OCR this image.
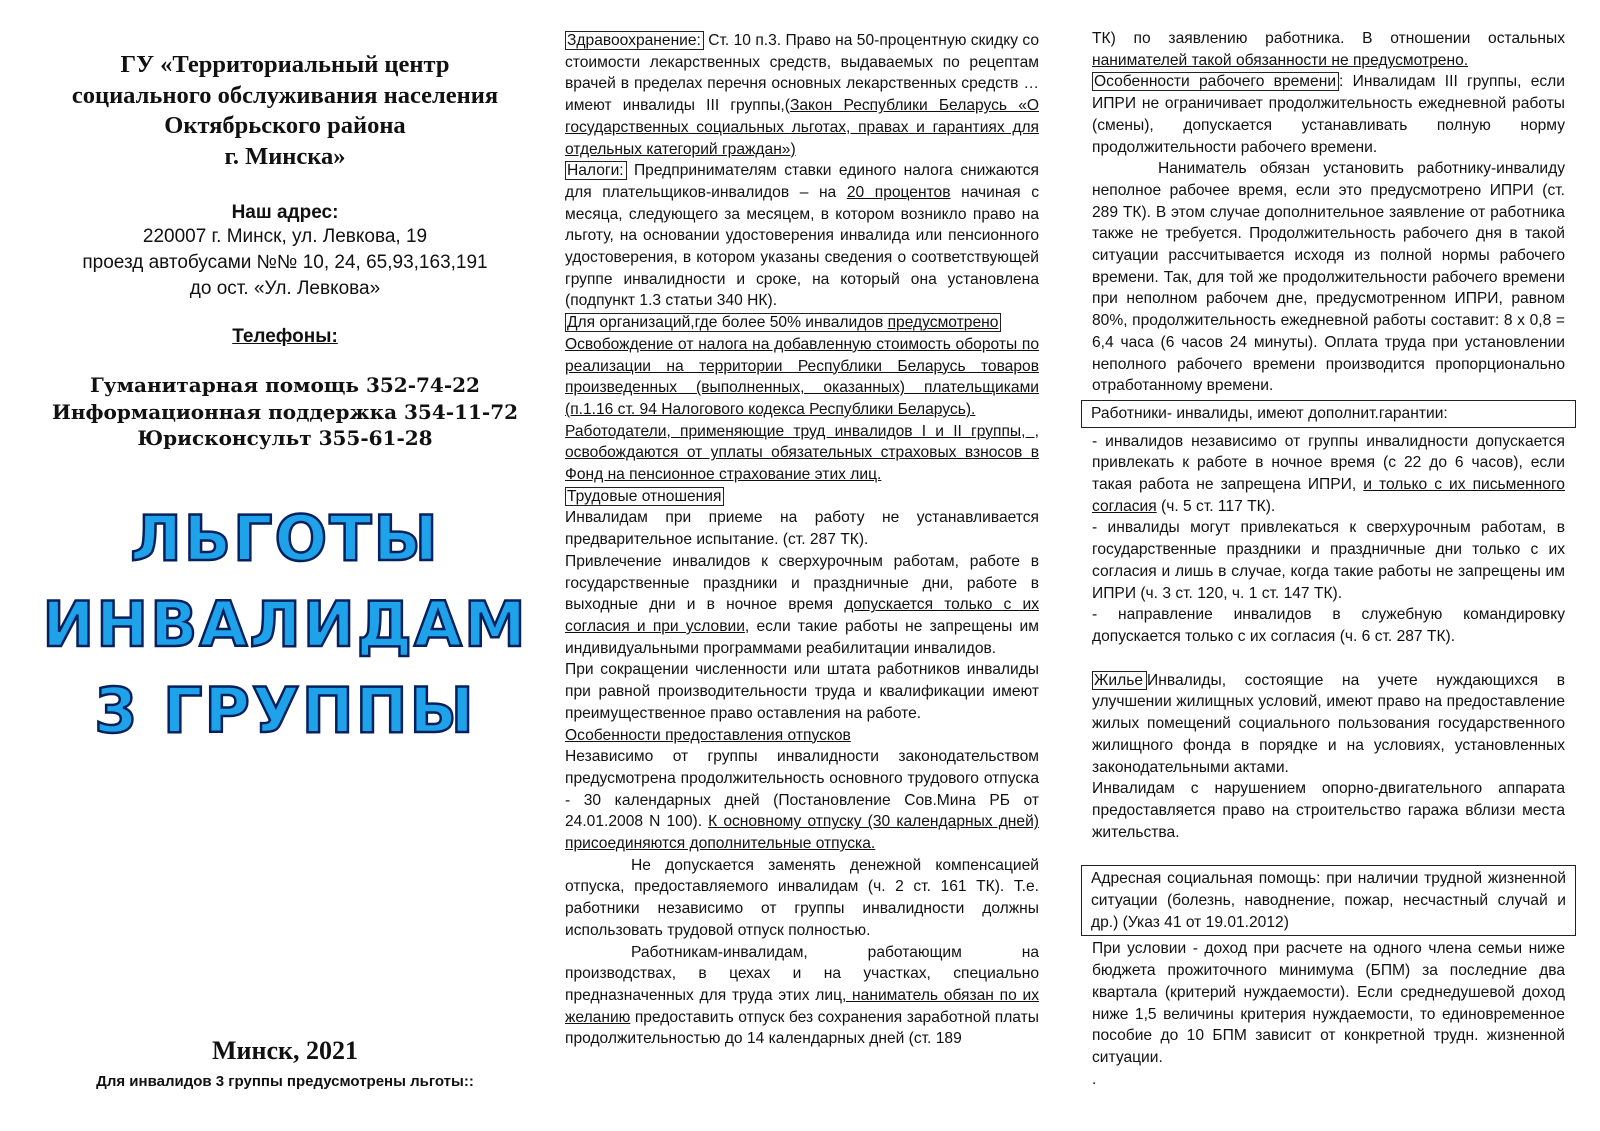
ГУ «Территориальный центр
социального обслуживания населения
Октябрьского района
г. Минска»
Наш адрес:
220007 г. Минск, ул. Левкова, 19
проезд автобусами №№ 10, 24, 65,93,163,191
до ост. «Ул. Левкова»
Телефоны:
Гуманитарная помощь 352-74-22
Информационная поддержка 354-11-72
Юрисконсульт 355-61-28
ЛЬГОТЫ
ИНВАЛИДАМ
3 ГРУППЫ
Минск, 2021
Для инвалидов 3 группы предусмотрены льготы::

Здравоохранение: Ст. 10 п.3. Право на 50-процентную скидку со стоимости лекарственных средств, выдаваемых по рецептам врачей в пределах перечня основных лекарственных средств … имеют инвалиды III группы,(Закон Республики Беларусь «О государственных социальных льготах, правах и гарантиях для отдельных категорий граждан»)

Налоги: Предпринимателям ставки единого налога снижаются для плательщиков-инвалидов – на 20 процентов начиная с месяца, следующего за месяцем, в котором возникло право на льготу, на основании удостоверения инвалида или пенсионного удостоверения, в котором указаны сведения о соответствующей группе инвалидности и сроке, на который она установлена (подпункт 1.3 статьи 340 НК).

Для организаций,где более 50% инвалидов предусмотрено

Освобождение от налога на добавленную стоимость обороты по реализации на территории Республики Беларусь товаров произведенных (выполненных, оказанных) плательщиками (п.1.16 ст. 94 Налогового кодекса Республики Беларусь).

Работодатели, применяющие труд инвалидов I и II группы, , освобождаются от уплаты обязательных страховых взносов в Фонд на пенсионное страхование этих лиц.

Трудовые отношения

Инвалидам при приеме на работу не устанавливается предварительное испытание. (ст. 287 ТК).

Привлечение инвалидов к сверхурочным работам, работе в государственные праздники и праздничные дни, работе в выходные дни и в ночное время допускается только с их согласия и при условии, если такие работы не запрещены им индивидуальными программами реабилитации инвалидов.

При сокращении численности или штата работников инвалиды при равной производительности труда и квалификации имеют преимущественное право оставления на работе.

Особенности предоставления отпусков

Независимо от группы инвалидности законодательством предусмотрена продолжительность основного трудового отпуска - 30 календарных дней (Постановление Сов.Мина РБ от 24.01.2008 N 100). К основному отпуску (30 календарных дней) присоединяются дополнительные отпуска.

Не допускается заменять денежной компенсацией отпуска, предоставляемого инвалидам (ч. 2 ст. 161 ТК). Т.е. работники независимо от группы инвалидности должны использовать трудовой отпуск полностью.

Работникам-инвалидам, работающим на производствах, в цехах и на участках, специально предназначенных для труда этих лиц, наниматель обязан по их желанию предоставить отпуск без сохранения заработной платы продолжительностью до 14 календарных дней (ст. 189

ТК) по заявлению работника. В отношении остальных нанимателей такой обязанности не предусмотрено.

Особенности рабочего времени : Инвалидам III группы, если ИПРИ не ограничивает продолжительность ежедневной работы (смены), допускается устанавливать полную норму продолжительности рабочего времени.

Наниматель обязан установить работнику-инвалиду неполное рабочее время, если это предусмотрено ИПРИ (ст. 289 ТК). В этом случае дополнительное заявление от работника также не требуется. Продолжительность рабочего дня в такой ситуации рассчитывается исходя из полной нормы рабочего времени. Так, для той же продолжительности рабочего времени при неполном рабочем дне, предусмотренном ИПРИ, равном 80%, продолжительность ежедневной работы составит: 8 х 0,8 = 6,4 часа (6 часов 24 минуты). Оплата труда при установлении неполного рабочего времени производится пропорционально отработанному времени.

Работники- инвалиды, имеют дополнит.гарантии:

- инвалидов независимо от группы инвалидности допускается привлекать к работе в ночное время (с 22 до 6 часов), если такая работа не запрещена ИПРИ, и только с их письменного согласия (ч. 5 ст. 117 ТК).

- инвалиды могут привлекаться к сверхурочным работам, в государственные праздники и праздничные дни только с их согласия и лишь в случае, когда такие работы не запрещены им ИПРИ (ч. 3 ст. 120, ч. 1 ст. 147 ТК).

- направление инвалидов в служебную командировку допускается только с их согласия (ч. 6 ст. 287 ТК).

Жилье Инвалиды, состоящие на учете нуждающихся в улучшении жилищных условий, имеют право на предоставление жилых помещений социального пользования государственного жилищного фонда в порядке и на условиях, установленных законодательными актами.

Инвалидам с нарушением опорно-двигательного аппарата предоставляется право на строительство гаража вблизи места жительства.

Адресная социальная помощь: при наличии трудной жизненной ситуации (болезнь, наводнение, пожар, несчастный случай и др.) (Указ 41 от 19.01.2012)

При условии - доход при расчете на одного члена семьи ниже бюджета прожиточного минимума (БПМ) за последние два квартала (критерий нуждаемости). Если среднедушевой доход ниже 1,5 величины критерия нуждаемости, то единовременное пособие до 10 БПМ зависит от конкретной трудн. жизненной ситуации.

.
